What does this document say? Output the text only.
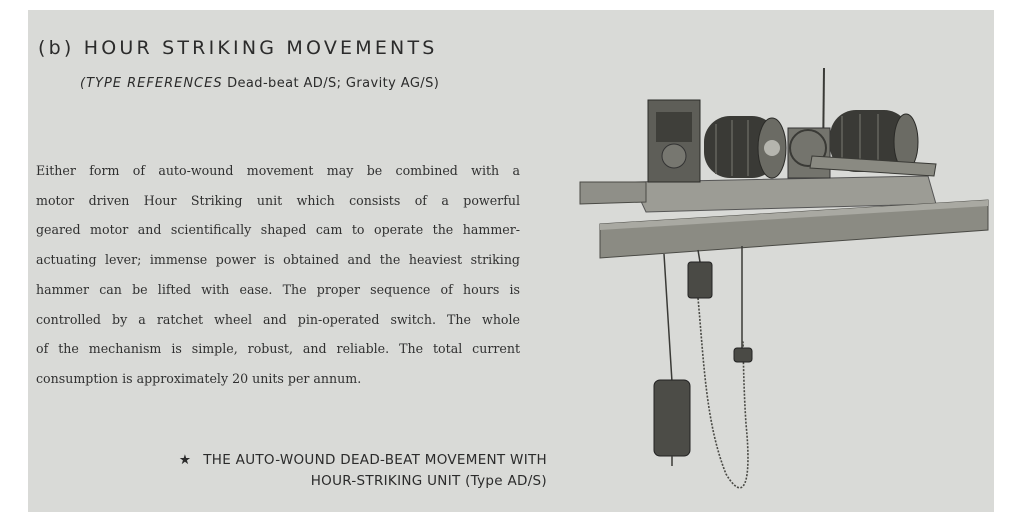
(b) HOUR STRIKING MOVEMENTS
(TYPE REFERENCES Dead-beat AD/S; Gravity AG/S)
Either form of auto-wound movement may be combined with a
motor driven Hour Striking unit which consists of a powerful
geared motor and scientifically shaped cam to operate the hammer-
actuating lever; immense power is obtained and the heaviest striking
hammer can be lifted with ease. The proper sequence of hours is
controlled by a ratchet wheel and pin-operated switch. The whole
of the mechanism is simple, robust, and reliable. The total current
consumption is approximately 20 units per annum.
★ THE AUTO-WOUND DEAD-BEAT MOVEMENT WITH
HOUR-STRIKING UNIT (Type AD/S)
